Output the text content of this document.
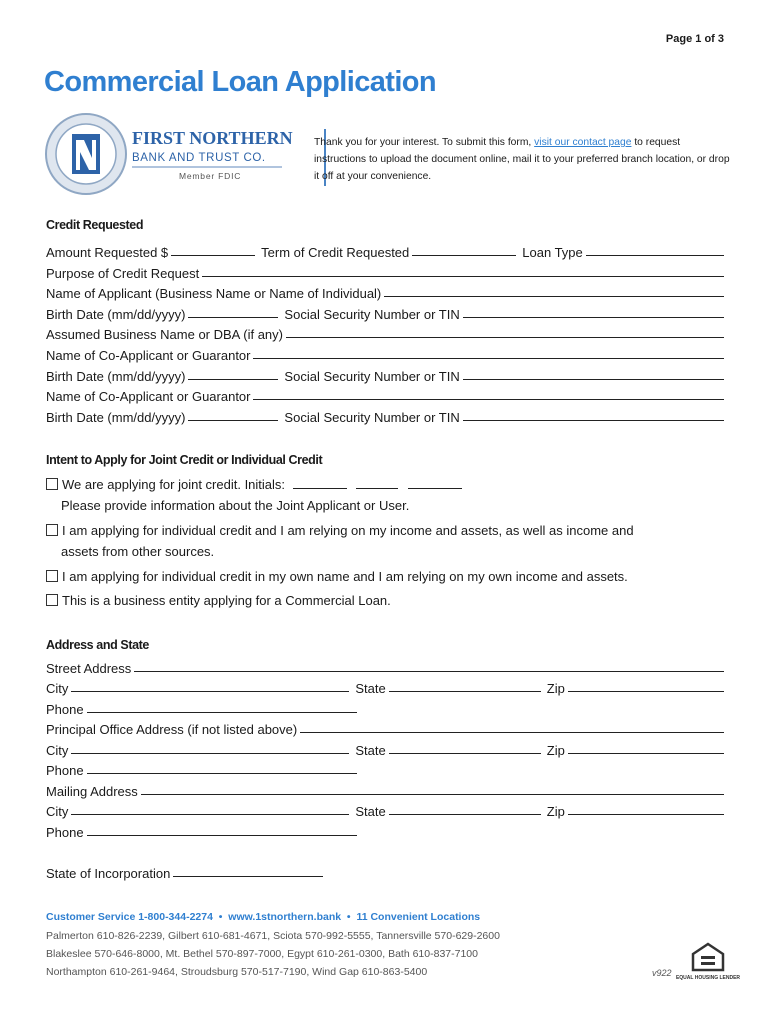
Page 1 of 3
Commercial Loan Application
FIRST NORTHERN
BANK AND TRUST CO.
Member FDIC
Thank you for your interest. To submit this form, visit our contact page to request instructions to upload the document online, mail it to your preferred branch location, or drop it off at your convenience.
Credit Requested
Amount Requested $	Term of Credit Requested	Loan Type
Purpose of Credit Request
Name of Applicant (Business Name or Name of Individual)
Birth Date (mm/dd/yyyy)	Social Security Number or TIN
Assumed Business Name or DBA (if any)
Name of Co-Applicant or Guarantor
Birth Date (mm/dd/yyyy)	Social Security Number or TIN
Name of Co-Applicant or Guarantor
Birth Date (mm/dd/yyyy)	Social Security Number or TIN
Intent to Apply for Joint Credit or Individual Credit
We are applying for joint credit. Initials:
Please provide information about the Joint Applicant or User.
I am applying for individual credit and I am relying on my income and assets, as well as income and
assets from other sources.
I am applying for individual credit in my own name and I am relying on my own income and assets.
This is a business entity applying for a Commercial Loan.
Address and State
Street Address
City	State	Zip
Phone
Principal Office Address (if not listed above)
City	State	Zip
Phone
Mailing Address
City	State	Zip
Phone
State of Incorporation
Customer Service 1-800-344-2274  •  www.1stnorthern.bank  •  11 Convenient Locations
Palmerton 610-826-2239, Gilbert 610-681-4671, Sciota 570-992-5555, Tannersville 570-629-2600
Blakeslee 570-646-8000, Mt. Bethel 570-897-7000, Egypt 610-261-0300, Bath 610-837-7100
Northampton 610-261-9464, Stroudsburg 570-517-7190, Wind Gap 610-863-5400	v922 EQUAL HOUSING LENDER
